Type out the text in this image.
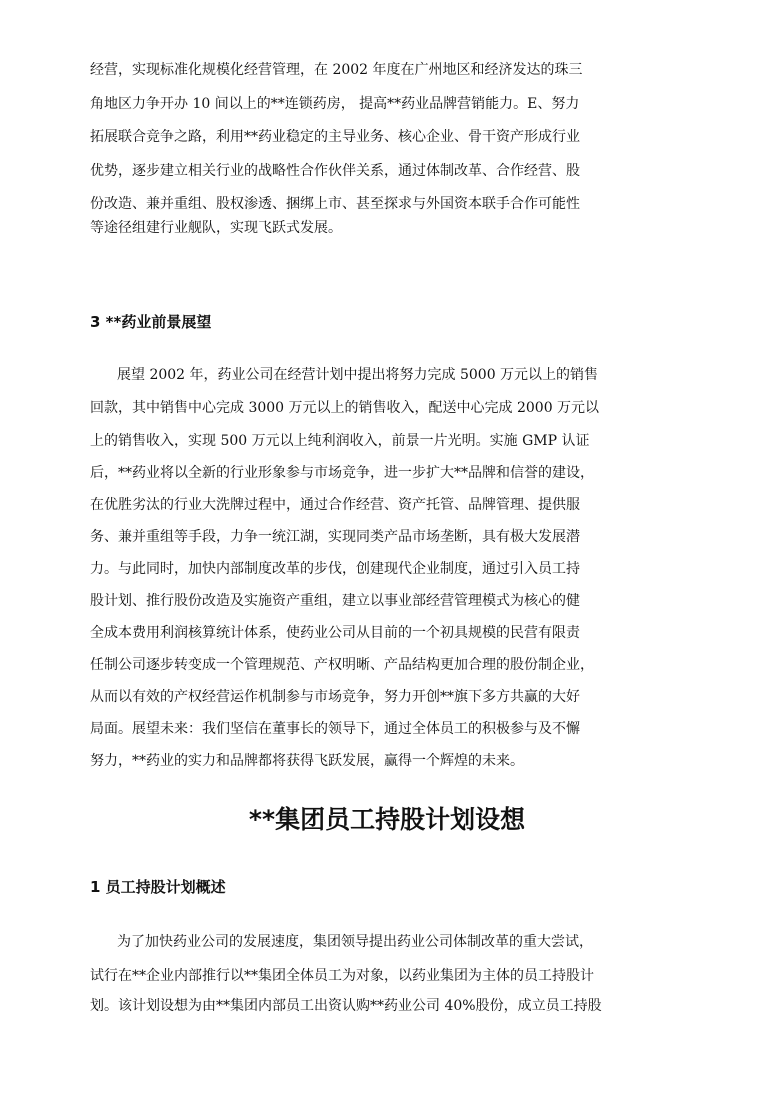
经营，实现标准化规模化经营管理，在 2002 年度在广州地区和经济发达的珠三
角地区力争开办 10 间以上的**连锁药房， 提高**药业品牌营销能力。E、努力
拓展联合竞争之路，利用**药业稳定的主导业务、核心企业、骨干资产形成行业
优势，逐步建立相关行业的战略性合作伙伴关系，通过体制改革、合作经营、股
份改造、兼并重组、股权渗透、捆绑上市、甚至探求与外国资本联手合作可能性
等途径组建行业舰队，实现飞跃式发展。
3 **药业前景展望
展望 2002 年，药业公司在经营计划中提出将努力完成 5000 万元以上的销售
回款，其中销售中心完成 3000 万元以上的销售收入，配送中心完成 2000 万元以
上的销售收入，实现 500 万元以上纯利润收入，前景一片光明。实施 GMP 认证
后，**药业将以全新的行业形象参与市场竞争，进一步扩大**品牌和信誉的建设，
在优胜劣汰的行业大洗牌过程中，通过合作经营、资产托管、品牌管理、提供服
务、兼并重组等手段，力争一统江湖，实现同类产品市场垄断，具有极大发展潜
力。与此同时，加快内部制度改革的步伐，创建现代企业制度，通过引入员工持
股计划、推行股份改造及实施资产重组，建立以事业部经营管理模式为核心的健
全成本费用利润核算统计体系，使药业公司从目前的一个初具规模的民营有限责
任制公司逐步转变成一个管理规范、产权明晰、产品结构更加合理的股份制企业，
从而以有效的产权经营运作机制参与市场竞争，努力开创**旗下多方共赢的大好
局面。展望未来：我们坚信在董事长的领导下，通过全体员工的积极参与及不懈
努力，**药业的实力和品牌都将获得飞跃发展，赢得一个辉煌的未来。
**集团员工持股计划设想
1 员工持股计划概述
为了加快药业公司的发展速度，集团领导提出药业公司体制改革的重大尝试，
试行在**企业内部推行以**集团全体员工为对象，以药业集团为主体的员工持股计
划。该计划设想为由**集团内部员工出资认购**药业公司 40%股份，成立员工持股
